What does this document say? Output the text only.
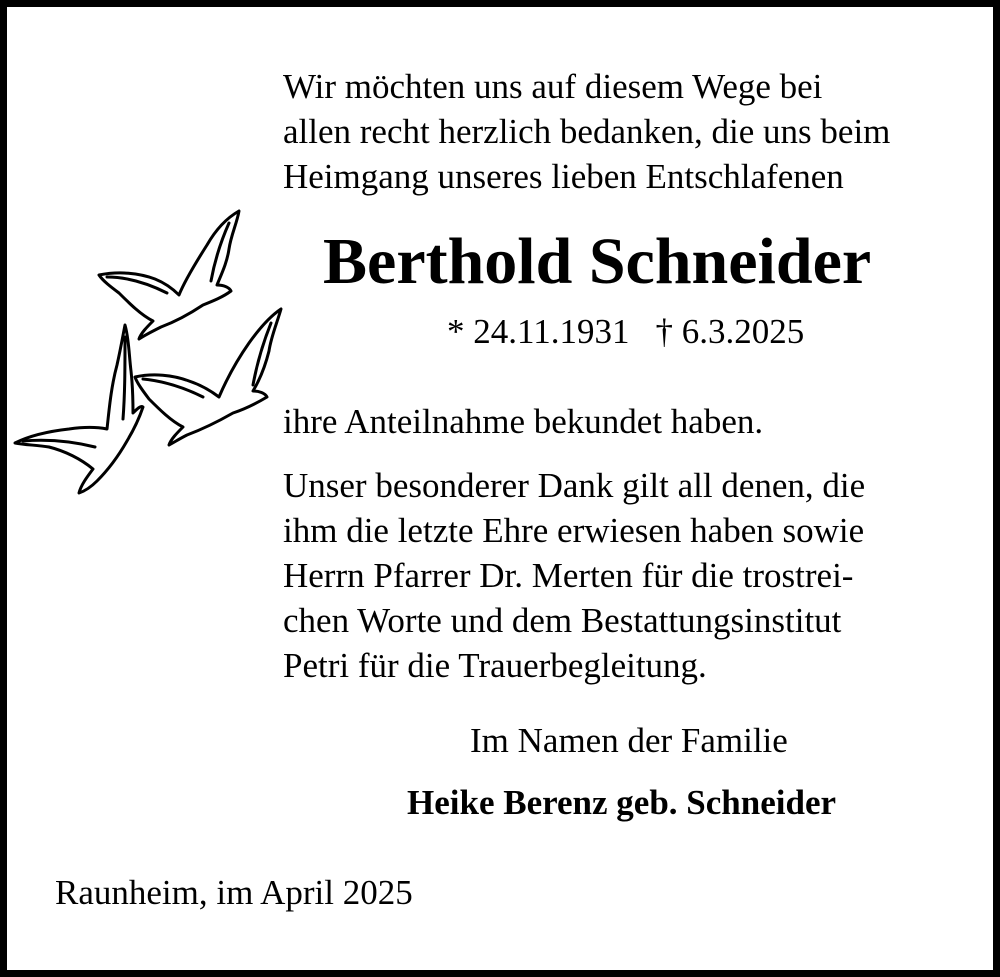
Wir möchten uns auf diesem Wege bei
allen recht herzlich bedanken, die uns beim
Heimgang unseres lieben Entschlafenen
Berthold Schneider
* 24.11.1931 † 6.3.2025
ihre Anteilnahme bekundet haben.
Unser besonderer Dank gilt all denen, die
ihm die letzte Ehre erwiesen haben sowie
Herrn Pfarrer Dr. Merten für die trostrei-
chen Worte und dem Bestattungsinstitut
Petri für die Trauerbegleitung.
Im Namen der Familie
Heike Berenz geb. Schneider
Raunheim, im April 2025
